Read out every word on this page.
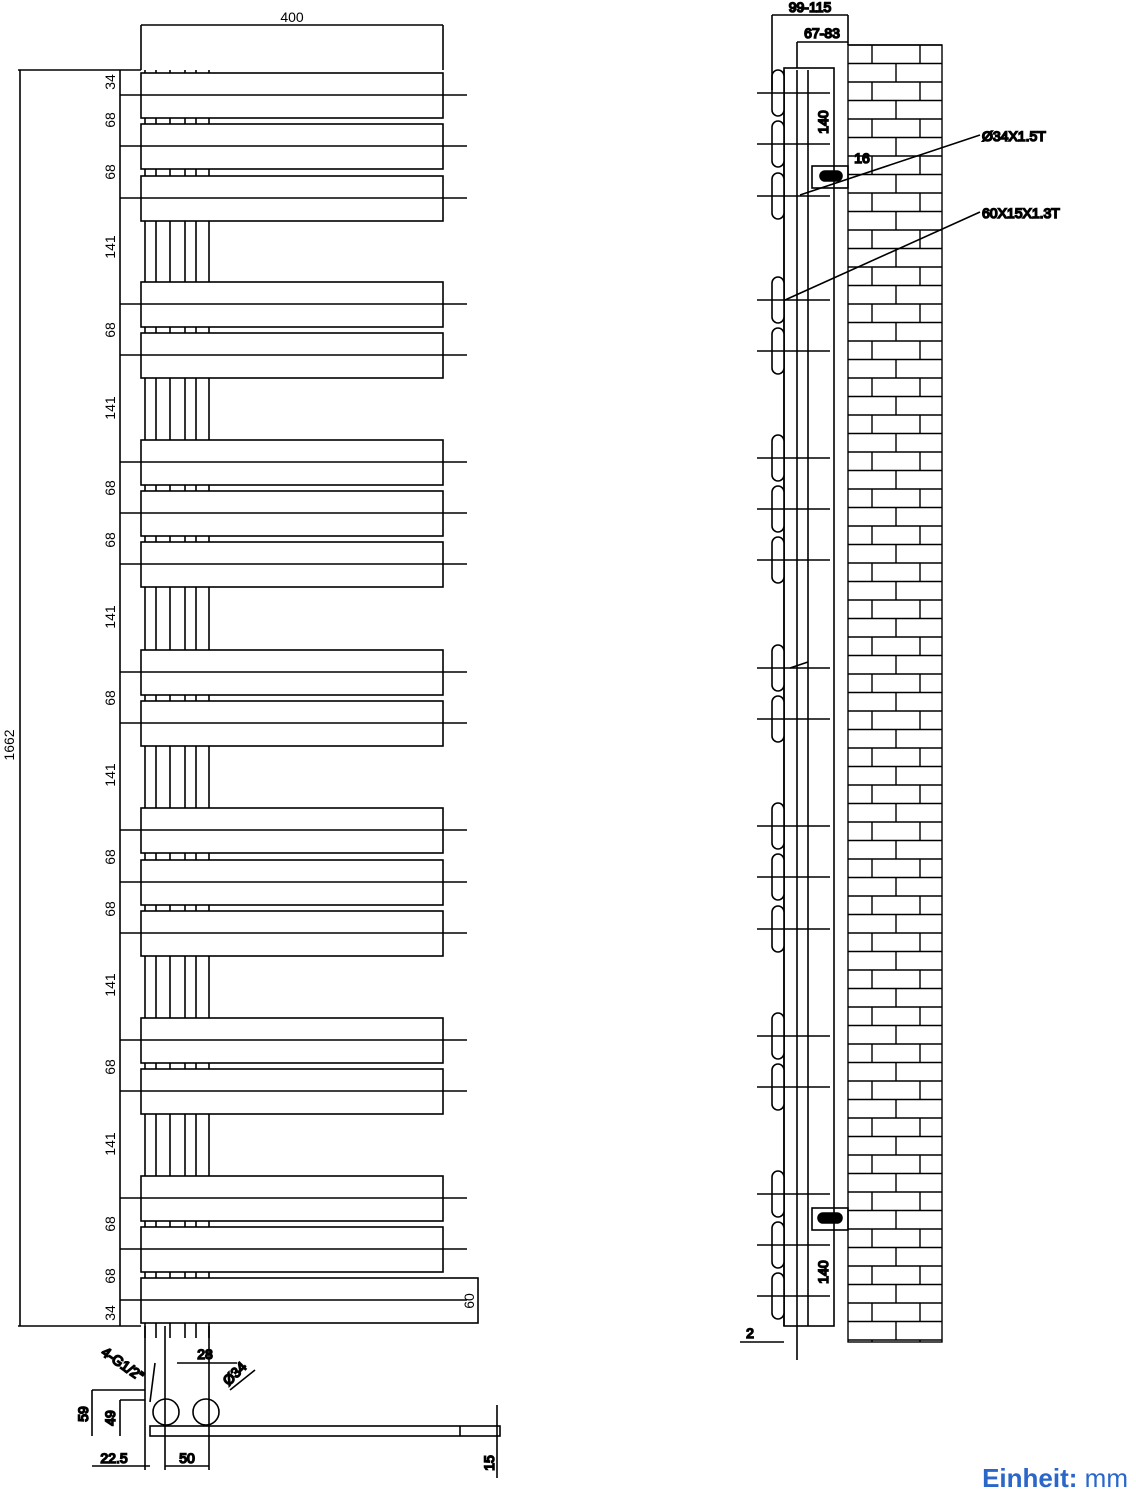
400
1662
34
68
68
141
68
141
68
68
141
68
141
68
68
141
68
141
68
68
34
60
4-G1/2"	28
Ø34
59 49
22.5	50	15
99-115
67-83
140
16
140
2
Ø34X1.5T
60X15X1.3T
Einheit: mm
